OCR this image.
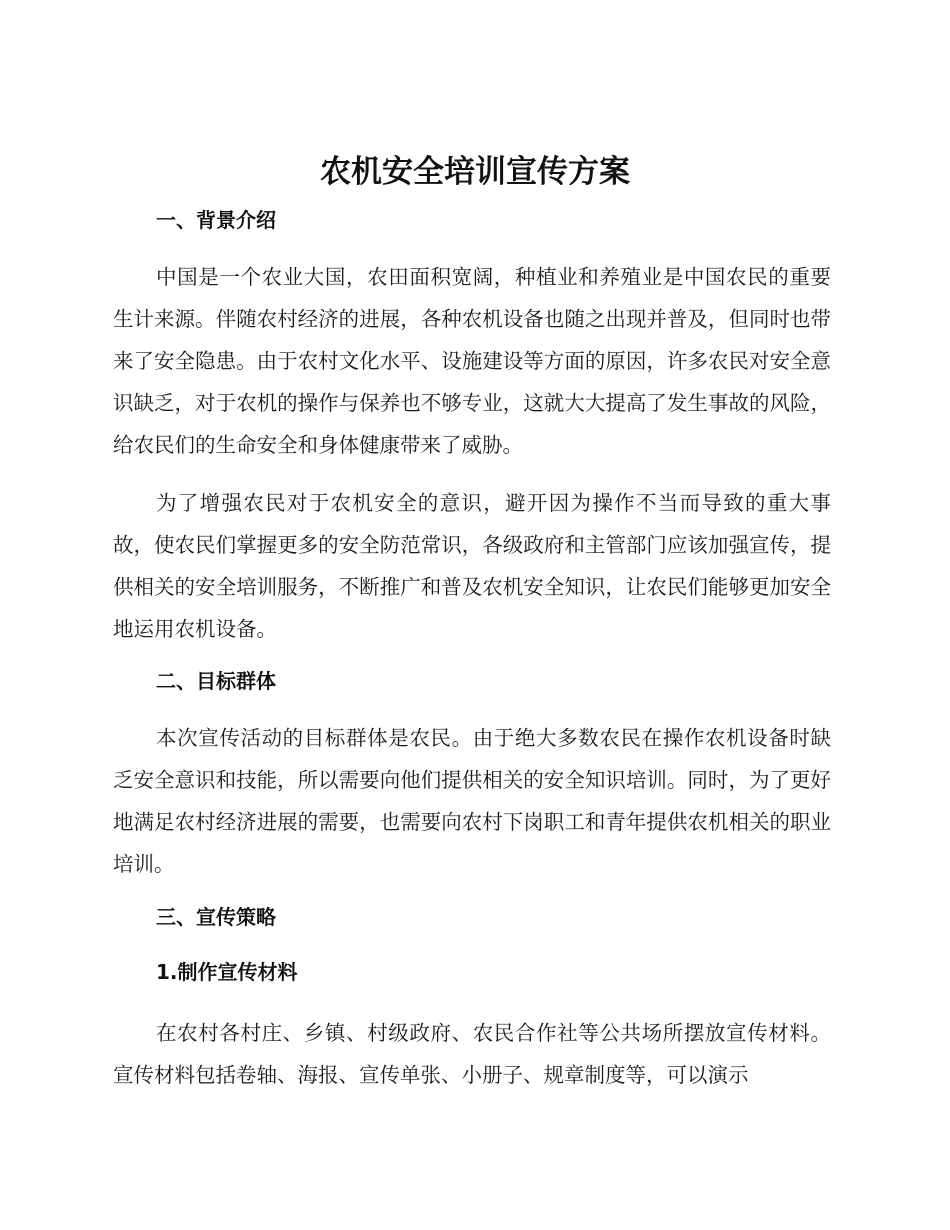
农机安全培训宣传方案
一、背景介绍

中国是一个农业大国，农田面积宽阔，种植业和养殖业是中国农民的重要生计来源。伴随农村经济的进展，各种农机设备也随之出现并普及，但同时也带来了安全隐患。由于农村文化水平、设施建设等方面的原因，许多农民对安全意识缺乏，对于农机的操作与保养也不够专业，这就大大提高了发生事故的风险，给农民们的生命安全和身体健康带来了威胁。

为了增强农民对于农机安全的意识，避开因为操作不当而导致的重大事故，使农民们掌握更多的安全防范常识，各级政府和主管部门应该加强宣传，提供相关的安全培训服务，不断推广和普及农机安全知识，让农民们能够更加安全地运用农机设备。

二、目标群体

本次宣传活动的目标群体是农民。由于绝大多数农民在操作农机设备时缺乏安全意识和技能，所以需要向他们提供相关的安全知识培训。同时，为了更好地满足农村经济进展的需要，也需要向农村下岗职工和青年提供农机相关的职业培训。

三、宣传策略
1.制作宣传材料

在农村各村庄、乡镇、村级政府、农民合作社等公共场所摆放宣传材料。宣传材料包括卷轴、海报、宣传单张、小册子、规章制度等，可以演示
